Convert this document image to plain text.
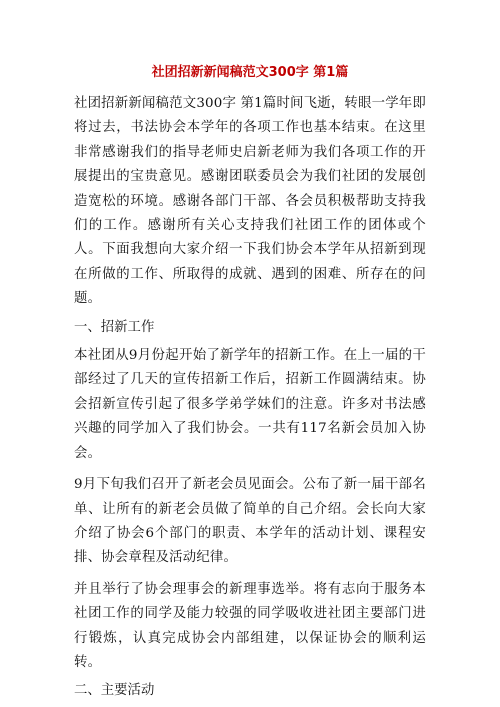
社团招新新闻稿范文300字 第1篇

社团招新新闻稿范文300字 第1篇时间飞逝，转眼一学年即将过去，书法协会本学年的各项工作也基本结束。在这里非常感谢我们的指导老师史启新老师为我们各项工作的开展提出的宝贵意见。感谢团联委员会为我们社团的发展创造宽松的环境。感谢各部门干部、各会员积极帮助支持我们的工作。感谢所有关心支持我们社团工作的团体或个人。下面我想向大家介绍一下我们协会本学年从招新到现在所做的工作、所取得的成就、遇到的困难、所存在的问题。

一、招新工作

本社团从9月份起开始了新学年的招新工作。在上一届的干部经过了几天的宣传招新工作后，招新工作圆满结束。协会招新宣传引起了很多学弟学妹们的注意。许多对书法感兴趣的同学加入了我们协会。一共有117名新会员加入协会。

9月下旬我们召开了新老会员见面会。公布了新一届干部名单、让所有的新老会员做了简单的自己介绍。会长向大家介绍了协会6个部门的职责、本学年的活动计划、课程安排、协会章程及活动纪律。

并且举行了协会理事会的新理事选举。将有志向于服务本社团工作的同学及能力较强的同学吸收进社团主要部门进行锻炼，认真完成协会内部组建，以保证协会的顺利运转。

二、主要活动
